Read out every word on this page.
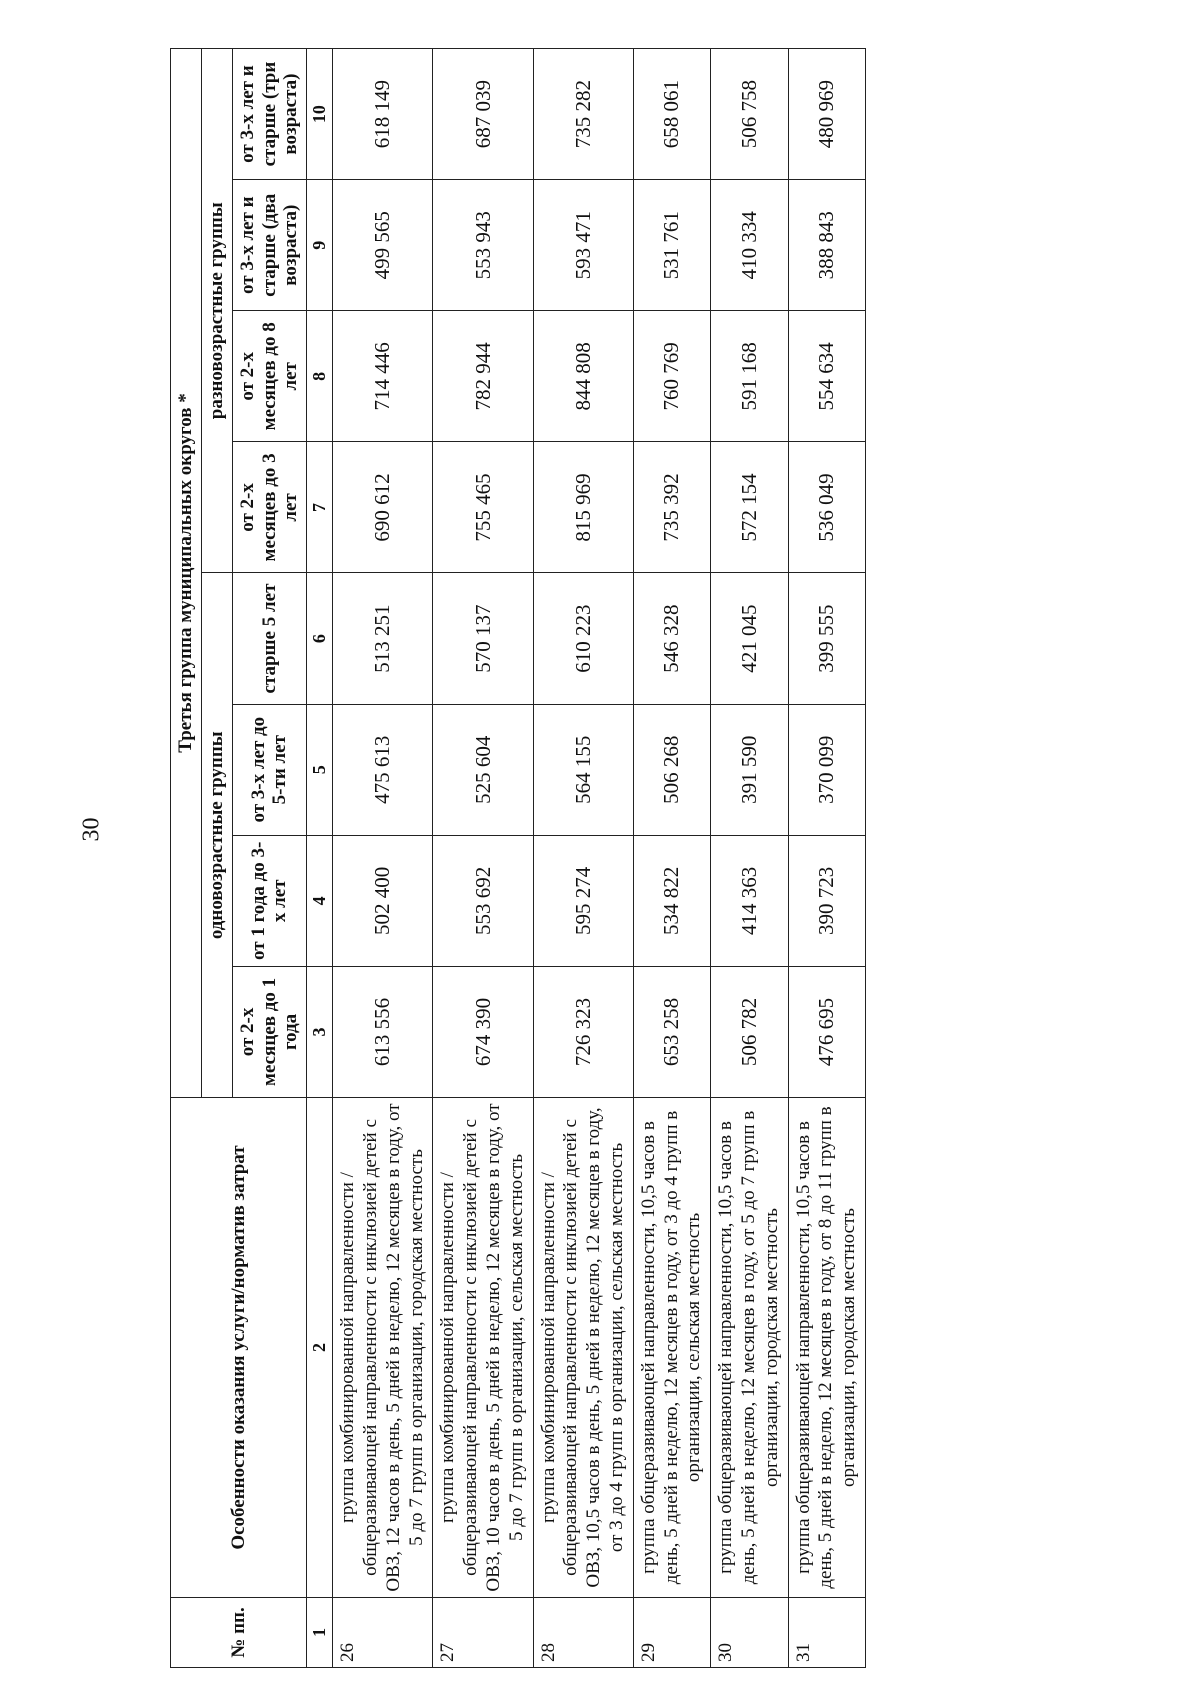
30
№ пп.	Особенности оказания услуги/норматив затрат	Третья группа муниципальных округов *							
		одновозрастные группы				разновозрастные группы			
		от 2-х месяцев до 1 года	от 1 года до 3-х лет	от 3-х лет до 5-ти лет	старше 5 лет	от 2-х месяцев до 3 лет	от 2-х месяцев до 8 лет	от 3-х лет и старше (два возраста)	от 3-х лет и старше (три возраста)
1	2	3	4	5	6	7	8	9	10
26	группа комбинированной направленности / общеразвивающей направленности с инклюзией детей с ОВЗ, 12 часов в день, 5 дней в неделю, 12 месяцев в году, от 5 до 7 групп в организации, городская местность	613 556	502 400	475 613	513 251	690 612	714 446	499 565	618 149
27	группа комбинированной направленности / общеразвивающей направленности с инклюзией детей с ОВЗ, 10 часов в день, 5 дней в неделю, 12 месяцев в году, от 5 до 7 групп в организации, сельская местность	674 390	553 692	525 604	570 137	755 465	782 944	553 943	687 039
28	группа комбинированной направленности / общеразвивающей направленности с инклюзией детей с ОВЗ, 10,5 часов в день, 5 дней в неделю, 12 месяцев в году, от 3 до 4 групп в организации, сельская местность	726 323	595 274	564 155	610 223	815 969	844 808	593 471	735 282
29	группа общеразвивающей направленности, 10,5 часов в день, 5 дней в неделю, 12 месяцев в году, от 3 до 4 групп в организации, сельская местность	653 258	534 822	506 268	546 328	735 392	760 769	531 761	658 061
30	группа общеразвивающей направленности, 10,5 часов в день, 5 дней в неделю, 12 месяцев в году, от 5 до 7 групп в организации, городская местность	506 782	414 363	391 590	421 045	572 154	591 168	410 334	506 758
31	группа общеразвивающей направленности, 10,5 часов в день, 5 дней в неделю, 12 месяцев в году, от 8 до 11 групп в организации, городская местность	476 695	390 723	370 099	399 555	536 049	554 634	388 843	480 969
